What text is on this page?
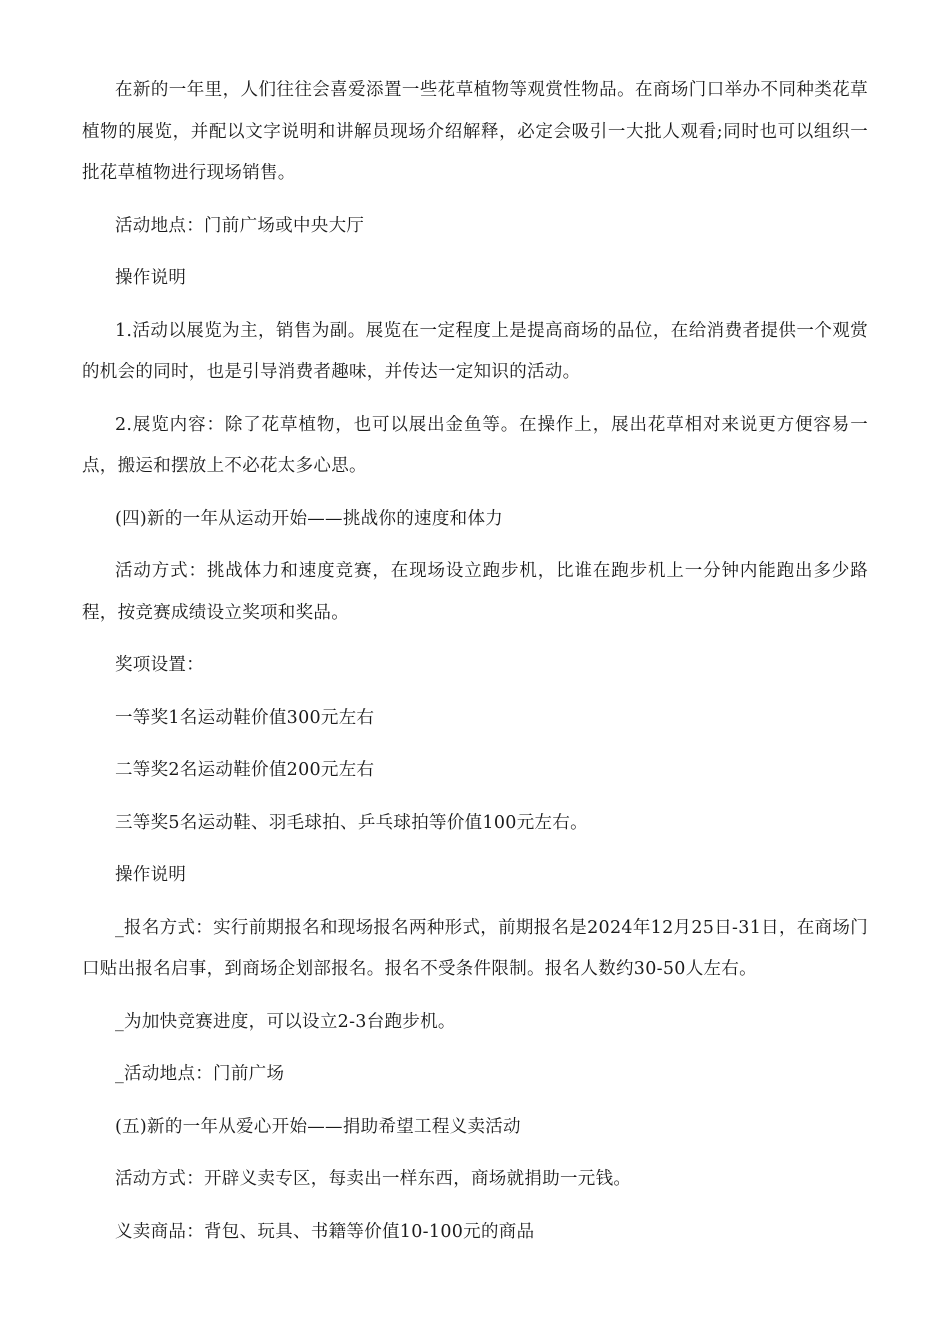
在新的一年里，人们往往会喜爱添置一些花草植物等观赏性物品。在商场门口举办不同种类花草植物的展览，并配以文字说明和讲解员现场介绍解释，必定会吸引一大批人观看;同时也可以组织一批花草植物进行现场销售。

活动地点：门前广场或中央大厅

操作说明

1.活动以展览为主，销售为副。展览在一定程度上是提高商场的品位，在给消费者提供一个观赏的机会的同时，也是引导消费者趣味，并传达一定知识的活动。

2.展览内容：除了花草植物，也可以展出金鱼等。在操作上，展出花草相对来说更方便容易一点，搬运和摆放上不必花太多心思。

(四)新的一年从运动开始——挑战你的速度和体力

活动方式：挑战体力和速度竞赛，在现场设立跑步机，比谁在跑步机上一分钟内能跑出多少路程，按竞赛成绩设立奖项和奖品。

奖项设置：

一等奖1名运动鞋价值300元左右

二等奖2名运动鞋价值200元左右

三等奖5名运动鞋、羽毛球拍、乒乓球拍等价值100元左右。

操作说明

_报名方式：实行前期报名和现场报名两种形式，前期报名是2024年12月25日-31日，在商场门口贴出报名启事，到商场企划部报名。报名不受条件限制。报名人数约30-50人左右。

_为加快竞赛进度，可以设立2-3台跑步机。

_活动地点：门前广场

(五)新的一年从爱心开始——捐助希望工程义卖活动

活动方式：开辟义卖专区，每卖出一样东西，商场就捐助一元钱。

义卖商品：背包、玩具、书籍等价值10-100元的商品
